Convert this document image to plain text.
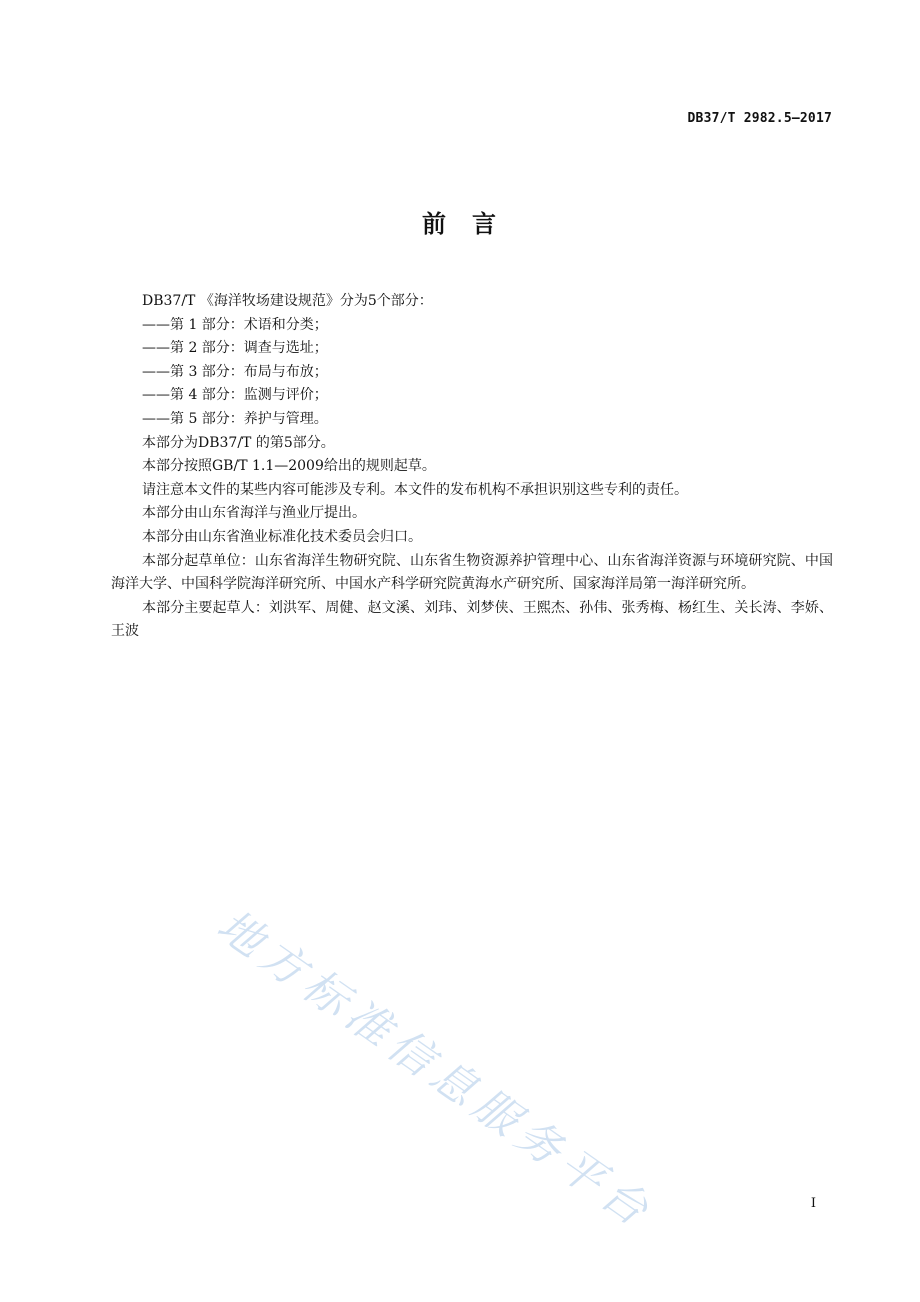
DB37/T 2982.5—2017
前 言

DB37/T 《海洋牧场建设规范》分为5个部分：

——第 1 部分：术语和分类；

——第 2 部分：调查与选址；

——第 3 部分：布局与布放；

——第 4 部分：监测与评价；

——第 5 部分：养护与管理。

本部分为DB37/T 的第5部分。

本部分按照GB/T 1.1—2009给出的规则起草。

请注意本文件的某些内容可能涉及专利。本文件的发布机构不承担识别这些专利的责任。

本部分由山东省海洋与渔业厅提出。

本部分由山东省渔业标准化技术委员会归口。

本部分起草单位：山东省海洋生物研究院、山东省生物资源养护管理中心、山东省海洋资源与环境研究院、中国海洋大学、中国科学院海洋研究所、中国水产科学研究院黄海水产研究所、国家海洋局第一海洋研究所。

本部分主要起草人：刘洪军、周健、赵文溪、刘玮、刘梦侠、王熙杰、孙伟、张秀梅、杨红生、关长涛、李娇、王波

地方标准信息服务平台	I
